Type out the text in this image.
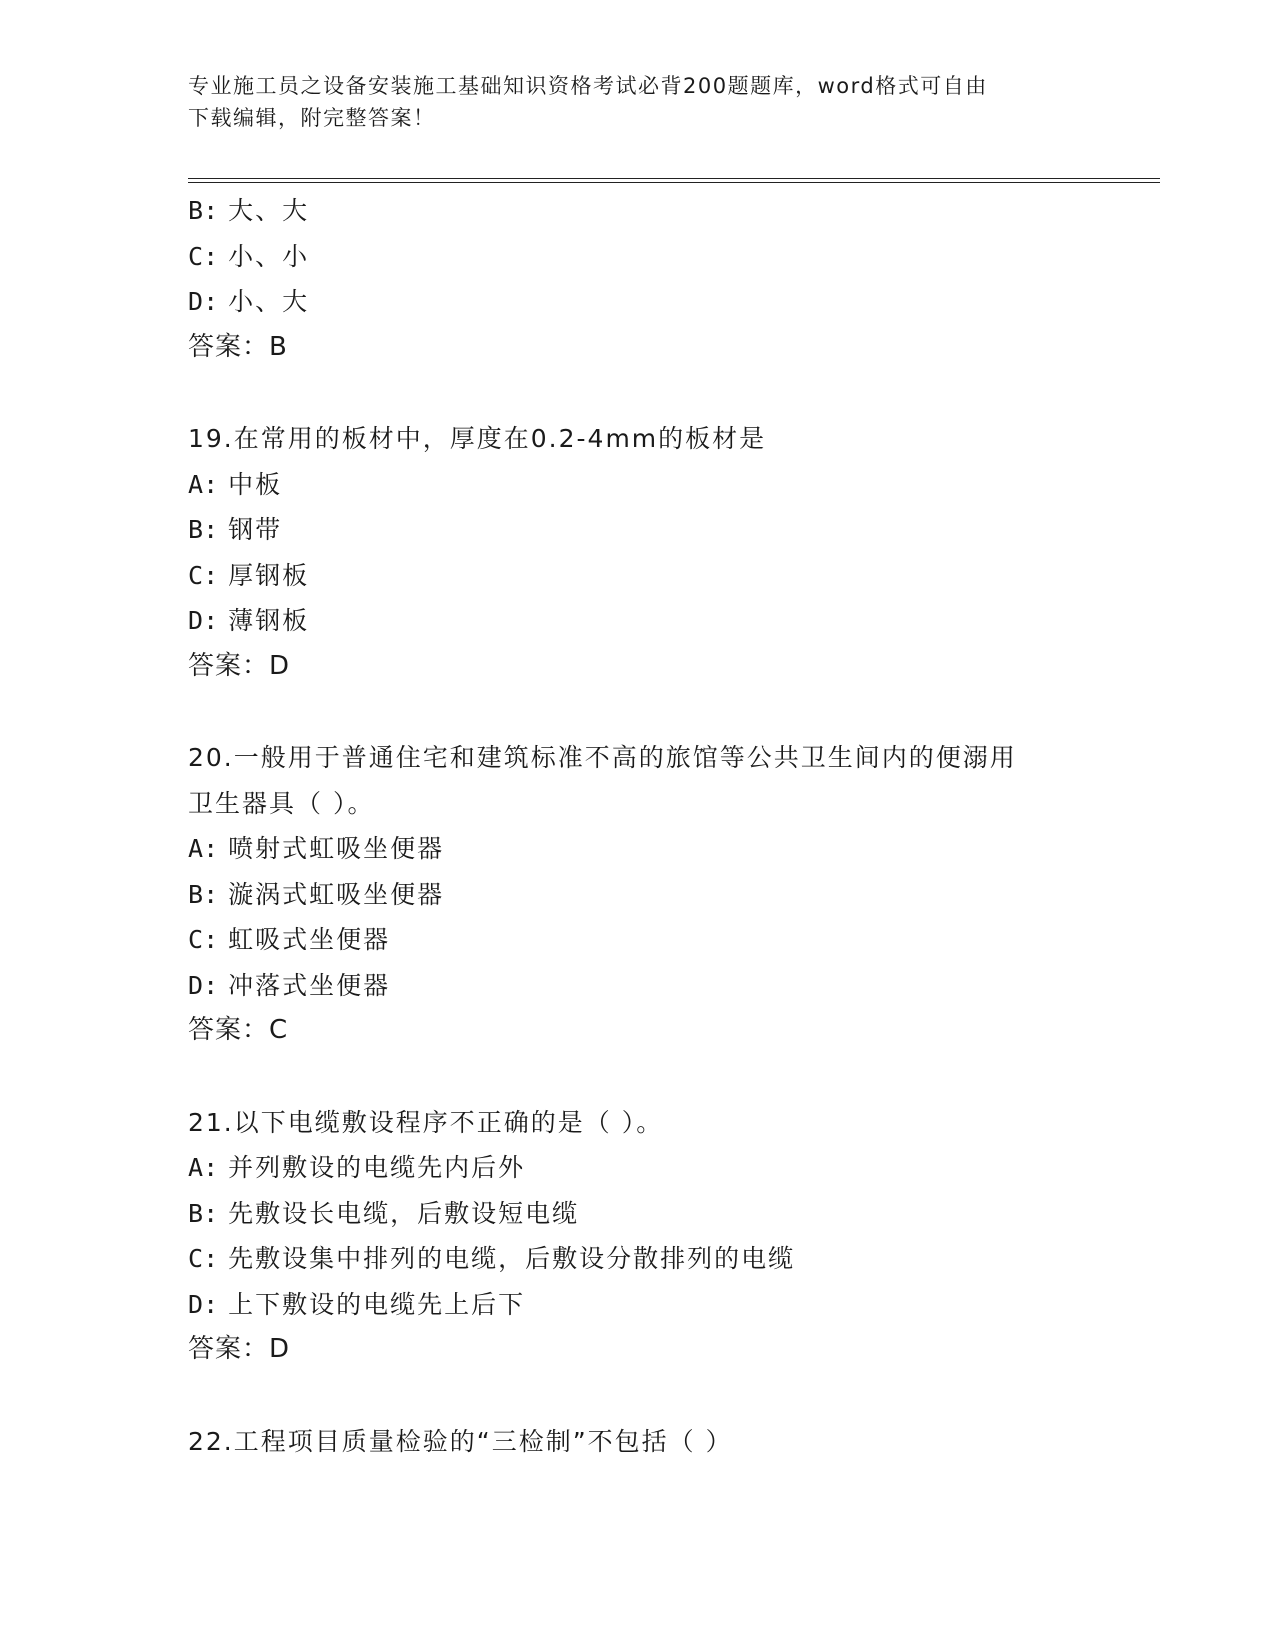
专业施工员之设备安装施工基础知识资格考试必背200题题库，word格式可自由
下载编辑，附完整答案！
B: 大、大
C: 小、小
D: 小、大
答案：B
19.在常用的板材中，厚度在0.2-4mm的板材是
A: 中板
B: 钢带
C: 厚钢板
D: 薄钢板
答案：D
20.一般用于普通住宅和建筑标准不高的旅馆等公共卫生间内的便溺用
卫生器具（ ）。
A: 喷射式虹吸坐便器
B: 漩涡式虹吸坐便器
C: 虹吸式坐便器
D: 冲落式坐便器
答案：C
21.以下电缆敷设程序不正确的是（ ）。
A: 并列敷设的电缆先内后外
B: 先敷设长电缆，后敷设短电缆
C: 先敷设集中排列的电缆，后敷设分散排列的电缆
D: 上下敷设的电缆先上后下
答案：D
22.工程项目质量检验的“三检制”不包括（ ）
